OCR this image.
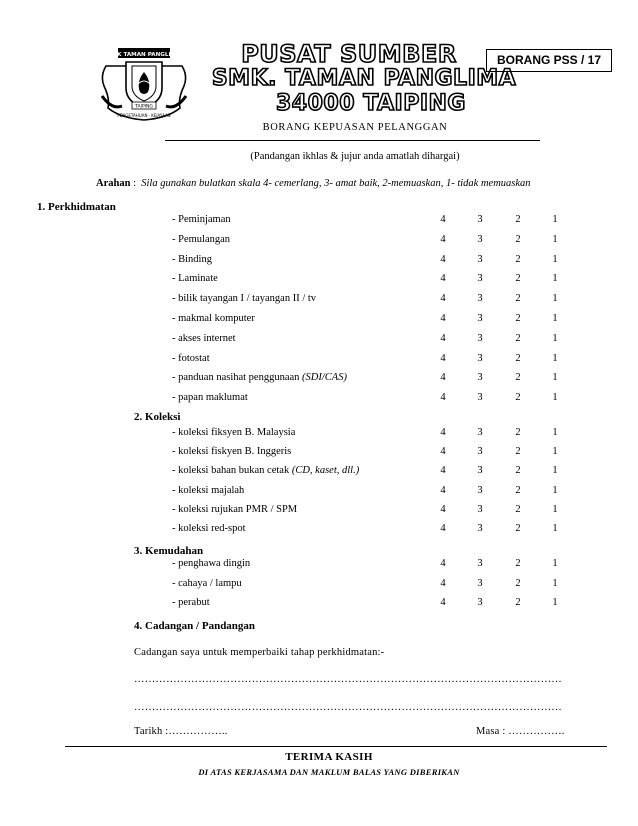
SMK TAMAN PANGLIMA
TAIPING
PENGETAHUAN · KEJAYAAN
PUSAT SUMBER
SMK. TAMAN PANGLIMA
34000 TAIPING
BORANG PSS / 17
BORANG KEPUASAN PELANGGAN
(Pandangan ikhlas & jujur anda amatlah dihargai)
Arahan :  Sila gunakan bulatkan skala 4- cemerlang, 3- amat baik, 2-memuaskan, 1- tidak memuaskan
1. Perkhidmatan
- Peminjaman	4	3	2	1
- Pemulangan	4	3	2	1
- Binding	4	3	2	1
- Laminate	4	3	2	1
- bilik tayangan I / tayangan II / tv	4	3	2	1
- makmal komputer	4	3	2	1
- akses internet	4	3	2	1
- fotostat	4	3	2	1
- panduan nasihat penggunaan (SDI/CAS)	4	3	2	1
- papan maklumat	4	3	2	1
2. Koleksi
- koleksi fiksyen B. Malaysia	4	3	2	1
- koleksi fiskyen B. Inggeris	4	3	2	1
- koleksi bahan bukan cetak (CD, kaset, dll.)	4	3	2	1
- koleksi majalah	4	3	2	1
- koleksi rujukan PMR / SPM	4	3	2	1
- koleksi red-spot	4	3	2	1
3. Kemudahan
- penghawa dingin	4	3	2	1
- cahaya / lampu	4	3	2	1
- perabut	4	3	2	1
4. Cadangan / Pandangan
Cadangan saya untuk memperbaiki tahap perkhidmatan:-
…………………………………………………………………………………………………………
…………………………………………………………………………………………………………
Tarikh :……………..	Masa : …………….
TERIMA KASIH
DI ATAS KERJASAMA DAN MAKLUM BALAS YANG DIBERIKAN
